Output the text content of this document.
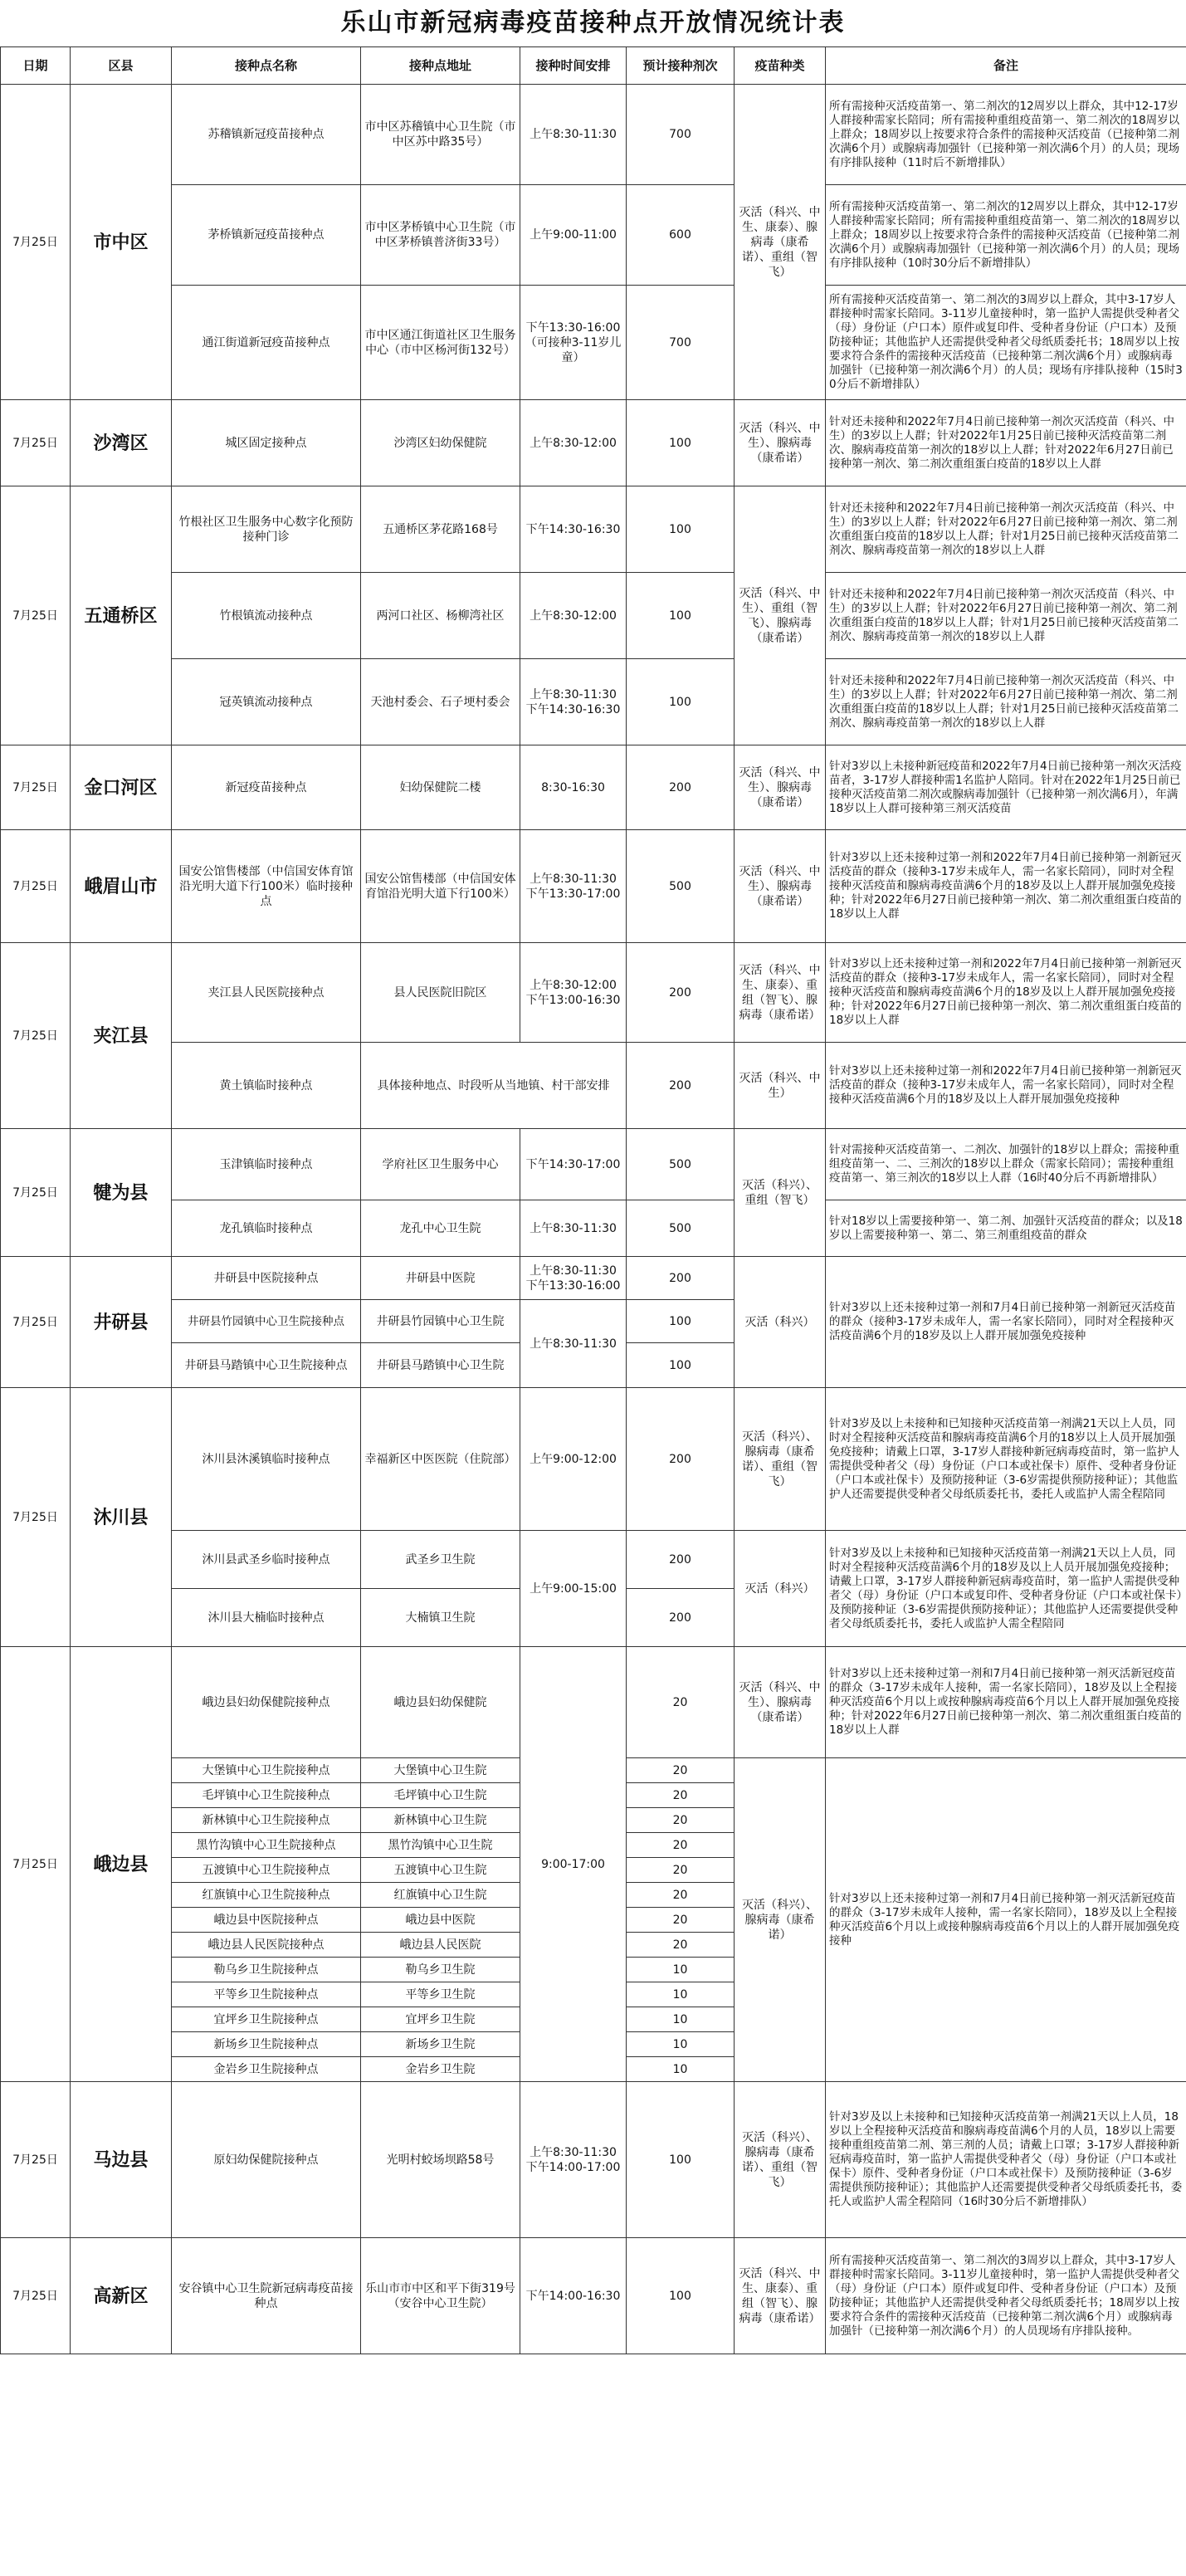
乐山市新冠病毒疫苗接种点开放情况统计表
日期	区县	接种点名称	接种点地址	接种时间安排	预计接种剂次	疫苗种类	备注
7月25日	市中区	苏稽镇新冠疫苗接种点	市中区苏稽镇中心卫生院（市中区苏中路35号）	上午8:30-11:30	700	灭活（科兴、中生、康泰）、腺病毒（康希诺）、重组（智飞）	所有需接种灭活疫苗第一、第二剂次的12周岁以上群众，其中12-17岁人群接种需家长陪同；所有需接种重组疫苗第一、第二剂次的18周岁以上群众；18周岁以上按要求符合条件的需接种灭活疫苗（已接种第二剂次满6个月）或腺病毒加强针（已接种第一剂次满6个月）的人员；现场有序排队接种（11时后不新增排队）
		茅桥镇新冠疫苗接种点	市中区茅桥镇中心卫生院（市中区茅桥镇普济街33号）	上午9:00-11:00	600		所有需接种灭活疫苗第一、第二剂次的12周岁以上群众，其中12-17岁人群接种需家长陪同；所有需接种重组疫苗第一、第二剂次的18周岁以上群众；18周岁以上按要求符合条件的需接种灭活疫苗（已接种第二剂次满6个月）或腺病毒加强针（已接种第一剂次满6个月）的人员；现场有序排队接种（10时30分后不新增排队）
		通江街道新冠疫苗接种点	市中区通江街道社区卫生服务中心（市中区杨河街132号）	下午13:30-16:00（可接种3-11岁儿童）	700		所有需接种灭活疫苗第一、第二剂次的3周岁以上群众，其中3-17岁人群接种时需家长陪同。3-11岁儿童接种时，第一监护人需提供受种者父（母）身份证（户口本）原件或复印件、受种者身份证（户口本）及预防接种证；其他监护人还需提供受种者父母纸质委托书；18周岁以上按要求符合条件的需接种灭活疫苗（已接种第二剂次满6个月）或腺病毒加强针（已接种第一剂次满6个月）的人员；现场有序排队接种（15时30分后不新增排队）
7月25日	沙湾区	城区固定接种点	沙湾区妇幼保健院	上午8:30-12:00	100	灭活（科兴、中生）、腺病毒（康希诺）	针对还未接种和2022年7月4日前已接种第一剂次灭活疫苗（科兴、中生）的3岁以上人群；针对2022年1月25日前已接种灭活疫苗第二剂次、腺病毒疫苗第一剂次的18岁以上人群；针对2022年6月27日前已接种第一剂次、第二剂次重组蛋白疫苗的18岁以上人群
7月25日	五通桥区	竹根社区卫生服务中心数字化预防接种门诊	五通桥区茅花路168号	下午14:30-16:30	100	灭活（科兴、中生）、重组（智飞）、腺病毒（康希诺）	针对还未接种和2022年7月4日前已接种第一剂次灭活疫苗（科兴、中生）的3岁以上人群；针对2022年6月27日前已接种第一剂次、第二剂次重组蛋白疫苗的18岁以上人群；针对1月25日前已接种灭活疫苗第二剂次、腺病毒疫苗第一剂次的18岁以上人群
		竹根镇流动接种点	两河口社区、杨柳湾社区	上午8:30-12:00	100		针对还未接种和2022年7月4日前已接种第一剂次灭活疫苗（科兴、中生）的3岁以上人群；针对2022年6月27日前已接种第一剂次、第二剂次重组蛋白疫苗的18岁以上人群；针对1月25日前已接种灭活疫苗第二剂次、腺病毒疫苗第一剂次的18岁以上人群
		冠英镇流动接种点	天池村委会、石子埂村委会	上午8:30-11:30 下午14:30-16:30	100		针对还未接种和2022年7月4日前已接种第一剂次灭活疫苗（科兴、中生）的3岁以上人群；针对2022年6月27日前已接种第一剂次、第二剂次重组蛋白疫苗的18岁以上人群；针对1月25日前已接种灭活疫苗第二剂次、腺病毒疫苗第一剂次的18岁以上人群
7月25日	金口河区	新冠疫苗接种点	妇幼保健院二楼	8:30-16:30	200	灭活（科兴、中生）、腺病毒（康希诺）	针对3岁以上未接种新冠疫苗和2022年7月4日前已接种第一剂次灭活疫苗者，3-17岁人群接种需1名监护人陪同。针对在2022年1月25日前已接种灭活疫苗第二剂次或腺病毒加强针（已接种第一剂次满6月），年满18岁以上人群可接种第三剂灭活疫苗
7月25日	峨眉山市	国安公馆售楼部（中信国安体育馆沿光明大道下行100米）临时接种点	国安公馆售楼部（中信国安体育馆沿光明大道下行100米）	上午8:30-11:30 下午13:30-17:00	500	灭活（科兴、中生）、腺病毒（康希诺）	针对3岁以上还未接种过第一剂和2022年7月4日前已接种第一剂新冠灭活疫苗的群众（接种3-17岁未成年人，需一名家长陪同），同时对全程接种灭活疫苗和腺病毒疫苗满6个月的18岁及以上人群开展加强免疫接种；针对2022年6月27日前已接种第一剂次、第二剂次重组蛋白疫苗的18岁以上人群
7月25日	夹江县	夹江县人民医院接种点	县人民医院旧院区	上午8:30-12:00 下午13:00-16:30	200	灭活（科兴、中生、康泰）、重组（智飞）、腺病毒（康希诺）	针对3岁以上还未接种过第一剂和2022年7月4日前已接种第一剂新冠灭活疫苗的群众（接种3-17岁未成年人，需一名家长陪同），同时对全程接种灭活疫苗和腺病毒疫苗满6个月的18岁及以上人群开展加强免疫接种；针对2022年6月27日前已接种第一剂次、第二剂次重组蛋白疫苗的18岁以上人群
		黄土镇临时接种点	具体接种地点、时段听从当地镇、村干部安排		200	灭活（科兴、中生）	针对3岁以上还未接种过第一剂和2022年7月4日前已接种第一剂新冠灭活疫苗的群众（接种3-17岁未成年人，需一名家长陪同），同时对全程接种灭活疫苗满6个月的18岁及以上人群开展加强免疫接种
7月25日	犍为县	玉津镇临时接种点	学府社区卫生服务中心	下午14:30-17:00	500	灭活（科兴）、重组（智飞）	针对需接种灭活疫苗第一、二剂次、加强针的18岁以上群众；需接种重组疫苗第一、二、三剂次的18岁以上群众（需家长陪同）；需接种重组疫苗第一、第三剂次的18岁以上人群（16时40分后不再新增排队）
		龙孔镇临时接种点	龙孔中心卫生院	上午8:30-11:30	500		针对18岁以上需要接种第一、第二剂、加强针灭活疫苗的群众；以及18岁以上需要接种第一、第二、第三剂重组疫苗的群众
7月25日	井研县	井研县中医院接种点	井研县中医院	上午8:30-11:30 下午13:30-16:00	200	灭活（科兴）	针对3岁以上还未接种过第一剂和7月4日前已接种第一剂新冠灭活疫苗的群众（接种3-17岁未成年人，需一名家长陪同），同时对全程接种灭活疫苗满6个月的18岁及以上人群开展加强免疫接种
		井研县竹园镇中心卫生院接种点	井研县竹园镇中心卫生院	上午8:30-11:30	100		
		井研县马踏镇中心卫生院接种点	井研县马踏镇中心卫生院		100		
7月25日	沐川县	沐川县沐溪镇临时接种点	幸福新区中医医院（住院部）	上午9:00-12:00	200	灭活（科兴）、腺病毒（康希诺）、重组（智飞）	针对3岁及以上未接种和已知接种灭活疫苗第一剂满21天以上人员，同时对全程接种灭活疫苗和腺病毒疫苗满6个月的18岁以上人员开展加强免疫接种；请戴上口罩，3-17岁人群接种新冠病毒疫苗时，第一监护人需提供受种者父（母）身份证（户口本或社保卡）原件、受种者身份证（户口本或社保卡）及预防接种证（3-6岁需提供预防接种证）；其他监护人还需要提供受种者父母纸质委托书，委托人或监护人需全程陪同
		沐川县武圣乡临时接种点	武圣乡卫生院	上午9:00-15:00	200	灭活（科兴）	针对3岁及以上未接种和已知接种灭活疫苗第一剂满21天以上人员，同时对全程接种灭活疫苗满6个月的18岁及以上人员开展加强免疫接种；请戴上口罩，3-17岁人群接种新冠病毒疫苗时，第一监护人需提供受种者父（母）身份证（户口本或复印件、受种者身份证（户口本或社保卡）及预防接种证（3-6岁需提供预防接种证）；其他监护人还需要提供受种者父母纸质委托书，委托人或监护人需全程陪同
		沐川县大楠临时接种点	大楠镇卫生院		200		
7月25日	峨边县	峨边县妇幼保健院接种点	峨边县妇幼保健院	9:00-17:00	20	灭活（科兴、中生）、腺病毒（康希诺）	针对3岁以上还未接种过第一剂和7月4日前已接种第一剂灭活新冠疫苗的群众（3-17岁未成年人接种，需一名家长陪同），18岁及以上全程接种灭活疫苗6个月以上或按种腺病毒疫苗6个月以上人群开展加强免疫接种；针对2022年6月27日前已接种第一剂次、第二剂次重组蛋白疫苗的18岁以上人群
		大堡镇中心卫生院接种点	大堡镇中心卫生院		20	灭活（科兴）、腺病毒（康希诺）	针对3岁以上还未接种过第一剂和7月4日前已接种第一剂灭活新冠疫苗的群众（3-17岁未成年人接种，需一名家长陪同），18岁及以上全程接种灭活疫苗6个月以上或接种腺病毒疫苗6个月以上的人群开展加强免疫接种
		毛坪镇中心卫生院接种点	毛坪镇中心卫生院		20		
		新林镇中心卫生院接种点	新林镇中心卫生院		20		
		黑竹沟镇中心卫生院接种点	黑竹沟镇中心卫生院		20		
		五渡镇中心卫生院接种点	五渡镇中心卫生院		20		
		红旗镇中心卫生院接种点	红旗镇中心卫生院		20		
		峨边县中医院接种点	峨边县中医院		20		
		峨边县人民医院接种点	峨边县人民医院		20		
		勒乌乡卫生院接种点	勒乌乡卫生院		10		
		平等乡卫生院接种点	平等乡卫生院		10		
		宜坪乡卫生院接种点	宜坪乡卫生院		10		
		新场乡卫生院接种点	新场乡卫生院		10		
		金岩乡卫生院接种点	金岩乡卫生院		10		
7月25日	马边县	原妇幼保健院接种点	光明村蛟场坝路58号	上午8:30-11:30 下午14:00-17:00	100	灭活（科兴）、腺病毒（康希诺）、重组（智飞）	针对3岁及以上未接种和已知接种灭活疫苗第一剂满21天以上人员，18岁以上全程接种灭活疫苗和腺病毒疫苗满6个月的人员，18岁以上需要接种重组疫苗第二剂、第三剂的人员；请戴上口罩；3-17岁人群接种新冠病毒疫苗时，第一监护人需提供受种者父（母）身份证（户口本或社保卡）原件、受种者身份证（户口本或社保卡）及预防接种证（3-6岁需提供预防接种证）；其他监护人还需要提供受种者父母纸质委托书，委托人或监护人需全程陪同（16时30分后不新增排队）
7月25日	高新区	安谷镇中心卫生院新冠病毒疫苗接种点	乐山市市中区和平下街319号（安谷中心卫生院）	下午14:00-16:30	100	灭活（科兴、中生、康泰）、重组（智飞）、腺病毒（康希诺）	所有需接种灭活疫苗第一、第二剂次的3周岁以上群众，其中3-17岁人群接种时需家长陪同。3-11岁儿童接种时，第一监护人需提供受种者父（母）身份证（户口本）原件或复印件、受种者身份证（户口本）及预防接种证；其他监护人还需提供受种者父母纸质委托书；18周岁以上按要求符合条件的需接种灭活疫苗（已接种第二剂次满6个月）或腺病毒加强针（已接种第一剂次满6个月）的人员现场有序排队接种。
